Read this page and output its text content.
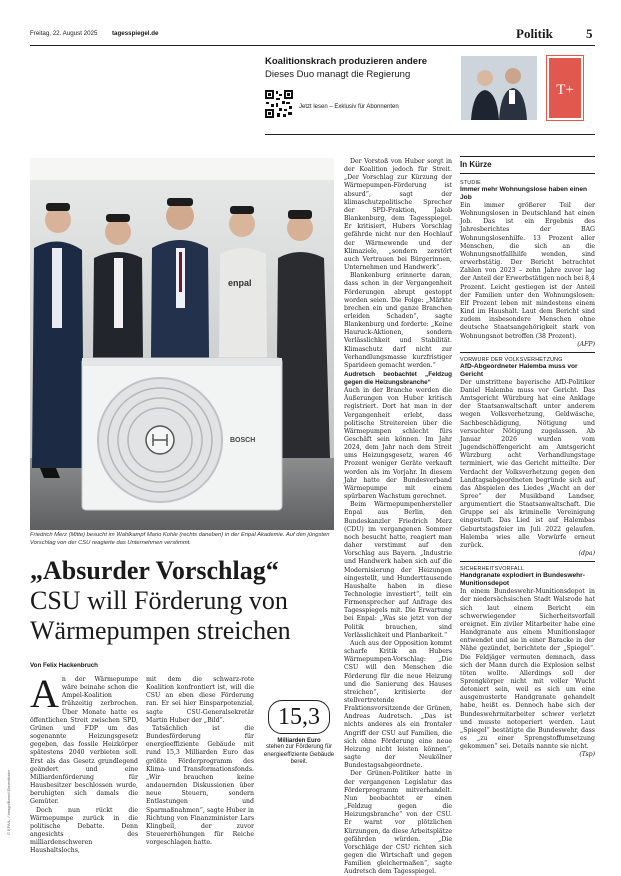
Freitag, 22. August 2025 tagesspiegel.de	Politik	5
Koalitionskrach produzieren andere
Dieses Duo managt die Regierung
Jetzt lesen – Exklusiv für Abonnenten
T+
enpal
BOSCH
Friedrich Merz (Mitte) besucht im Wahlkampf Mario Kohle (rechts daneben) in der Enpal Akademie. Auf den jüngsten Vorschlag von der CSU reagierte das Unternehmen verstimmt.
© EPA/L. / Imago/Bernd Elmenthaler
„Absurder Vorschlag“
CSU will Förderung von
Wärmepumpen streichen
Von Felix Hackenbruch
A n der Wärmepumpe wäre beinahe schon die Ampel-Koalition frühzeitig zerbrochen. Über Monate hatte es öffentlichen Streit zwischen SPD, Grünen und FDP um das sogenannte Heizungsgesetz gegeben, das fossile Heizkörper spätestens 2040 verbieten soll. Erst als das Gesetz grundlegend geändert und eine Milliardenförderung für Hausbesitzer beschlossen wurde, beruhigten sich damals die Gemüter.

Doch nun rückt die Wärmepumpe zurück in die politische Debatte. Denn angesichts des milliardenschweren Haushaltslochs,

mit dem die schwarz-rote Koalition konfrontiert ist, will die CSU an eben diese Förderung ran. Er sei hier Einsparpotenzial, sagte CSU-Generalsekretär Martin Huber der „Bild“.

Tatsächlich ist die Bundesförderung für energieeffiziente Gebäude mit rund 15,3 Milliarden Euro das größte Förderprogramm des Klima- und Transformationsfonds. „Wir brauchen keine andauernden Diskussionen über neue Steuern, sondern Entlastungen und Sparmaßnahmen“, sagte Huber in Richtung von Finanzminister Lars Klingbeil, der zuvor Steuererhöhungen für Reiche vorgeschlagen hatte.

15,3
Milliarden Euro
stehen zur Förderung für energieeffiziente Gebäude bereit.

Der Vorstoß von Huber sorgt in der Koalition jedoch für Streit. „Der Vorschlag zur Kürzung der Wärmepumpen-Förderung ist absurd“, sagt der klimaschutzpolitische Sprecher der SPD-Fraktion, Jakob Blankenburg, dem Tagesspiegel. Er kritisiert, Hubers Vorschlag gefährde nicht nur den Hochlauf der Wärmewende und der Klimaziele, „sondern zerstört auch Vertrauen bei Bürgerinnen, Unternehmen und Handwerk“.

Blankenburg erinnerte daran, dass schon in der Vergangenheit Förderungen abrupt gestoppt worden seien. Die Folge: „Märkte brechen ein und ganze Branchen erleiden Schaden“, sagte Blankenburg und forderte: „Keine Hauruck-Aktionen, sondern Verlässlichkeit und Stabilität. Klimaschutz darf nicht zur Verhandlungsmasse kurzfristiger Sparideen gemacht werden.“

Audretsch beobachtet „Feldzug gegen die Heizungsbranche“

Auch in der Branche werden die Äußerungen von Huber kritisch registriert. Dort hat man in der Vergangenheit erlebt, dass politische Streitereien über die Wärmepumpen schlecht fürs Geschäft sein können. Im Jahr 2024, dem Jahr nach dem Streit ums Heizungsgesetz, waren 46 Prozent weniger Geräte verkauft worden als im Vorjahr. In diesem Jahr hatte der Bundesverband Wärmepumpe mit einem spürbaren Wachstum gerechnet.

Beim Wärmepumpenhersteller Enpal aus Berlin, den Bundeskanzler Friedrich Merz (CDU) im vergangenen Sommer noch besucht hatte, reagiert man daher verstimmt auf den Vorschlag aus Bayern. „Industrie und Handwerk haben sich auf die Modernisierung der Heizungen eingestellt, und Hunderttausende Haushalte haben in diese Technologie investiert“, teilt ein Firmensprecher auf Anfrage des Tagesspiegels mit. Die Erwartung bei Enpal: „Was sie jetzt von der Politik brauchen, sind Verlässlichkeit und Planbarkeit.“

Auch aus der Opposition kommt scharfe Kritik an Hubers Wärmepumpen-Vorschlag: „Die CSU will den Menschen die Förderung für die neue Heizung und die Sanierung des Hauses streichen“, kritisierte der stellvertretende Fraktionsvorsitzende der Grünen, Andreas Audretsch. „Das ist nichts anderes als ein frontaler Angriff der CSU auf Familien, die sich ohne Förderung eine neue Heizung nicht leisten können“, sagte der Neukölner Bundestagsabgeordnete.

Der Grünen-Politiker hatte in der vergangenen Legislatur das Förderprogramm mitverhandelt. Nun beobachtet er einen „Feldzug gegen die Heizungsbranche“ von der CSU. Er warnt vor plötzlichen Kürzungen, da diese Arbeitsplätze gefährden würden. „Die Vorschläge der CSU richten sich gegen die Wirtschaft und gegen Familien gleichermaßen“, sagte Audretsch dem Tagesspiegel.

In Kürze
STUDIE
Immer mehr Wohnungslose haben einen Job
Ein immer größerer Teil der Wohnungslosen in Deutschland hat einen Job. Das ist ein Ergebnis des Jahresberichtes der BAG Wohnungslosenhilfe. 13 Prozent aller Menschen, die sich an die Wohnungsnotfallhilfe wenden, sind erwerbstätig. Der Bericht betrachtet Zahlen von 2023 – zehn Jahre zuvor lag der Anteil der Erwerbstätigen noch bei 8,4 Prozent. Leicht gestiegen ist der Anteil der Familien unter den Wohnungslosen: Elf Prozent leben mit mindestens einem Kind im Haushalt. Laut dem Bericht sind zudem insbesondere Menschen ohne deutsche Staatsangehörigkeit stark von Wohnungsnot betroffen (38 Prozent).
(AFP)
VORWURF DER VOLKSVERHETZUNG
AfD-Abgeordneter Halemba muss vor Gericht
Der umstrittene bayerische AfD-Politiker Daniel Halemba muss vor Gericht. Das Amtsgericht Würzburg hat eine Anklage der Staatsanwaltschaft unter anderem wegen Volksverhetzung, Geldwäsche, Sachbeschädigung, Nötigung und versuchter Nötigung zugelassen. Ab Januar 2026 wurden vom Jugendschöffengericht am Amtsgericht Würzburg acht Verhandlungstage terminiert, wie das Gericht mitteilte. Der Verdacht der Volksverhetzung gegen den Landtagsabgeordneten begründe sich auf das Abspielen des Liedes „Wacht an der Spree“ der Musikband Landser, argumentiert die Staatsanwaltschaft. Die Gruppe sei als kriminelle Vereinigung eingestuft. Das Lied ist auf Halembas Geburtstagsfeier im Juli 2022 gelaufen. Halemba wies alle Vorwürfe erneut zurück.
(dpa)
SICHERHEITSVORFALL
Handgranate explodiert in Bundeswehr-Munitionsdepot
In einem Bundeswehr-Munitionsdepot in der niedersächsischen Stadt Walsrode hat sich laut einem Bericht ein schwerwiegender Sicherheitsvorfall ereignet. Ein ziviler Mitarbeiter habe eine Handgranate aus einem Munitionslager entwendet und sie in einer Baracke in der Nähe gezündet, berichtete der „Spiegel“. Die Feldjäger vermuten demnach, dass sich der Mann durch die Explosion selbst töten wollte. Allerdings soll der Sprengkörper nicht mit voller Wucht detoniert sein, weil es sich um eine ausgemusterte Handgranate gehandelt habe, heißt es. Dennoch habe sich der Bundeswehrmitarbeiter schwer verletzt und musste notoperiert werden. Laut „Spiegel“ bestätigte die Bundeswehr, dass es „zu einer Sprengstoffumsetzung gekommen“ sei. Details nannte sie nicht.
(Tsp)
